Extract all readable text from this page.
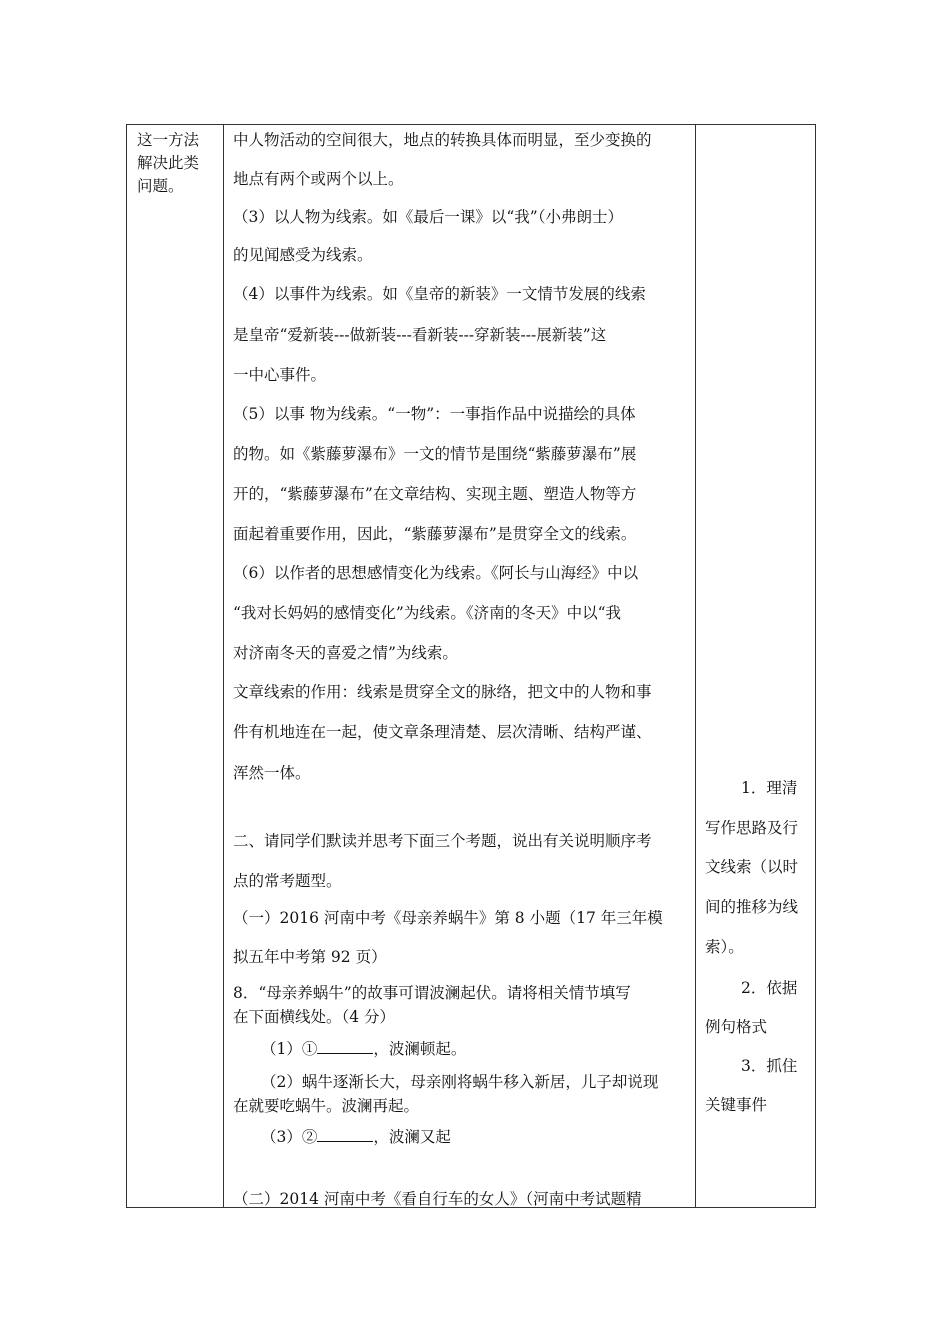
这一方法
解决此类
问题。
中人物活动的空间很大，地点的转换具体而明显，至少变换的
地点有两个或两个以上。
（3）以人物为线索。如《最后一课》以“我”（小弗朗士）
的见闻感受为线索。
（4）以事件为线索。如《皇帝的新装》一文情节发展的线索
是皇帝“爱新装---做新装---看新装---穿新装---展新装”这
一中心事件。
（5）以事 物为线索。“一物”：一事指作品中说描绘的具体
的物。如《紫藤萝瀑布》一文的情节是围绕“紫藤萝瀑布”展
开的，“紫藤萝瀑布”在文章结构、实现主题、塑造人物等方
面起着重要作用，因此，“紫藤萝瀑布”是贯穿全文的线索。
（6）以作者的思想感情变化为线索。《阿长与山海经》中以
“我对长妈妈的感情变化”为线索。《济南的冬天》中以“我
对济南冬天的喜爱之情”为线索。
文章线索的作用：线索是贯穿全文的脉络，把文中的人物和事
件有机地连在一起，使文章条理清楚、层次清晰、结构严谨、
浑然一体。
二、请同学们默读并思考下面三个考题，说出有关说明顺序考
点的常考题型。
（一）2016 河南中考《母亲养蜗牛》第 8 小题（17 年三年模
拟五年中考第 92 页）
8．“母亲养蜗牛”的故事可谓波澜起伏。请将相关情节填写
在下面横线处。（4 分）
（1）①	，波澜顿起。
（2）蜗牛逐渐长大，母亲刚将蜗牛移入新居，儿子却说现
在就要吃蜗牛。波澜再起。
（3）②	，波澜又起
（二）2014 河南中考《看自行车的女人》（河南中考试题精
1．理清
写作思路及行
文线索（以时
间的推移为线
索）。
2．依据
例句格式
3．抓住
关键事件
